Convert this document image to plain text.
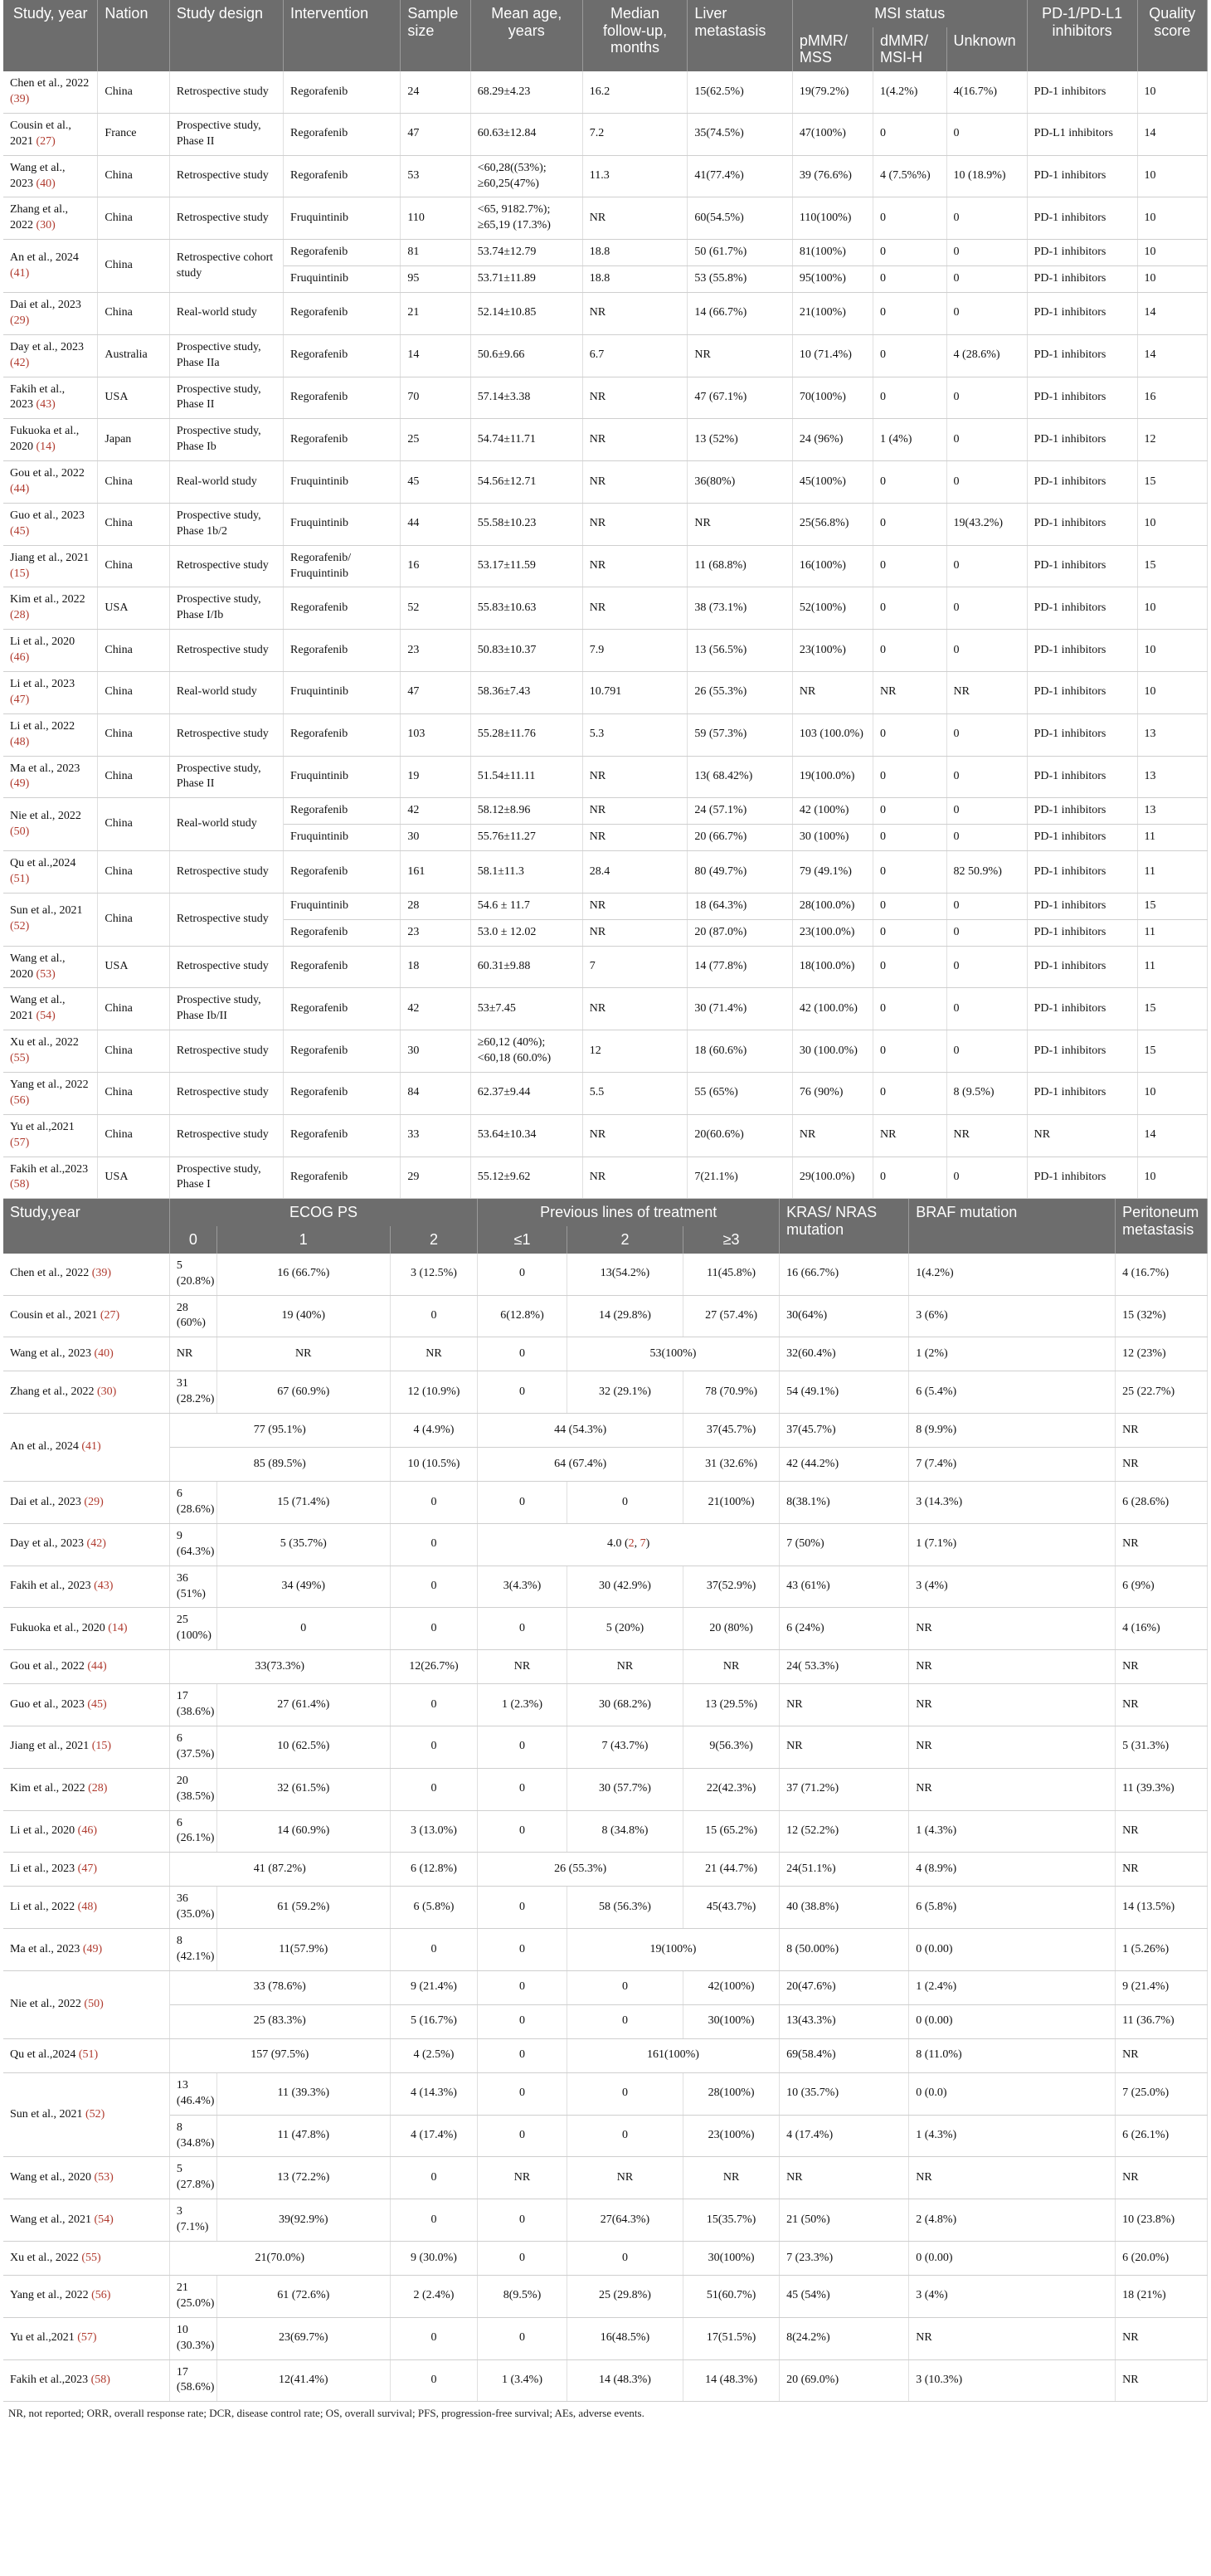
Study, year	Nation	Study design	Intervention	Sample size	Mean age, years	Median follow-up, months	Liver metastasis	MSI status			PD-1/PD-L1 inhibitors	Quality score
								pMMR/ MSS	dMMR/ MSI-H	Unknown		
Chen et al., 2022 (39)	China	Retrospective study	Regorafenib	24	68.29±4.23	16.2	15(62.5%)	19(79.2%)	1(4.2%)	4(16.7%)	PD-1 inhibitors	10
Cousin et al., 2021 (27)	France	Prospective study, Phase II	Regorafenib	47	60.63±12.84	7.2	35(74.5%)	47(100%)	0	0	PD-L1 inhibitors	14
Wang et al., 2023 (40)	China	Retrospective study	Regorafenib	53	<60,28((53%); ≥60,25(47%)	11.3	41(77.4%)	39 (76.6%)	4 (7.5%%)	10 (18.9%)	PD-1 inhibitors	10
Zhang et al., 2022 (30)	China	Retrospective study	Fruquintinib	110	<65, 9182.7%); ≥65,19 (17.3%)	NR	60(54.5%)	110(100%)	0	0	PD-1 inhibitors	10
An et al., 2024 (41)	China	Retrospective cohort study	Regorafenib	81	53.74±12.79	18.8	50 (61.7%)	81(100%)	0	0	PD-1 inhibitors	10
			Fruquintinib	95	53.71±11.89	18.8	53 (55.8%)	95(100%)	0	0	PD-1 inhibitors	10
Dai et al., 2023 (29)	China	Real-world study	Regorafenib	21	52.14±10.85	NR	14 (66.7%)	21(100%)	0	0	PD-1 inhibitors	14
Day et al., 2023 (42)	Australia	Prospective study, Phase IIa	Regorafenib	14	50.6±9.66	6.7	NR	10 (71.4%)	0	4 (28.6%)	PD-1 inhibitors	14
Fakih et al., 2023 (43)	USA	Prospective study, Phase II	Regorafenib	70	57.14±3.38	NR	47 (67.1%)	70(100%)	0	0	PD-1 inhibitors	16
Fukuoka et al., 2020 (14)	Japan	Prospective study, Phase Ib	Regorafenib	25	54.74±11.71	NR	13 (52%)	24 (96%)	1 (4%)	0	PD-1 inhibitors	12
Gou et al., 2022 (44)	China	Real-world study	Fruquintinib	45	54.56±12.71	NR	36(80%)	45(100%)	0	0	PD-1 inhibitors	15
Guo et al., 2023 (45)	China	Prospective study, Phase 1b/2	Fruquintinib	44	55.58±10.23	NR	NR	25(56.8%)	0	19(43.2%)	PD-1 inhibitors	10
Jiang et al., 2021 (15)	China	Retrospective study	Regorafenib/ Fruquintinib	16	53.17±11.59	NR	11 (68.8%)	16(100%)	0	0	PD-1 inhibitors	15
Kim et al., 2022 (28)	USA	Prospective study, Phase I/Ib	Regorafenib	52	55.83±10.63	NR	38 (73.1%)	52(100%)	0	0	PD-1 inhibitors	10
Li et al., 2020 (46)	China	Retrospective study	Regorafenib	23	50.83±10.37	7.9	13 (56.5%)	23(100%)	0	0	PD-1 inhibitors	10
Li et al., 2023 (47)	China	Real-world study	Fruquintinib	47	58.36±7.43	10.791	26 (55.3%)	NR	NR	NR	PD-1 inhibitors	10
Li et al., 2022 (48)	China	Retrospective study	Regorafenib	103	55.28±11.76	5.3	59 (57.3%)	103 (100.0%)	0	0	PD-1 inhibitors	13
Ma et al., 2023 (49)	China	Prospective study, Phase II	Fruquintinib	19	51.54±11.11	NR	13( 68.42%)	19(100.0%)	0	0	PD-1 inhibitors	13
Nie et al., 2022 (50)	China	Real-world study	Regorafenib	42	58.12±8.96	NR	24 (57.1%)	42 (100%)	0	0	PD-1 inhibitors	13
			Fruquintinib	30	55.76±11.27	NR	20 (66.7%)	30 (100%)	0	0	PD-1 inhibitors	11
Qu et al.,2024 (51)	China	Retrospective study	Regorafenib	161	58.1±11.3	28.4	80 (49.7%)	79 (49.1%)	0	82 50.9%)	PD-1 inhibitors	11
Sun et al., 2021 (52)	China	Retrospective study	Fruquintinib	28	54.6 ± 11.7	NR	18 (64.3%)	28(100.0%)	0	0	PD-1 inhibitors	15
			Regorafenib	23	53.0 ± 12.02	NR	20 (87.0%)	23(100.0%)	0	0	PD-1 inhibitors	11
Wang et al., 2020 (53)	USA	Retrospective study	Regorafenib	18	60.31±9.88	7	14 (77.8%)	18(100.0%)	0	0	PD-1 inhibitors	11
Wang et al., 2021 (54)	China	Prospective study, Phase Ib/II	Regorafenib	42	53±7.45	NR	30 (71.4%)	42 (100.0%)	0	0	PD-1 inhibitors	15
Xu et al., 2022 (55)	China	Retrospective study	Regorafenib	30	≥60,12 (40%); <60,18 (60.0%)	12	18 (60.6%)	30 (100.0%)	0	0	PD-1 inhibitors	15
Yang et al., 2022 (56)	China	Retrospective study	Regorafenib	84	62.37±9.44	5.5	55 (65%)	76 (90%)	0	8 (9.5%)	PD-1 inhibitors	10
Yu et al.,2021 (57)	China	Retrospective study	Regorafenib	33	53.64±10.34	NR	20(60.6%)	NR	NR	NR	NR	14
Fakih et al.,2023 (58)	USA	Prospective study, Phase I	Regorafenib	29	55.12±9.62	NR	7(21.1%)	29(100.0%)	0	0	PD-1 inhibitors	10
Study,year	ECOG PS			Previous lines of treatment			KRAS/ NRAS mutation	BRAF mutation	Peritoneum metastasis
	0	1	2	≤1	2	≥3			
Chen et al., 2022 (39)	5 (20.8%)	16 (66.7%)	3 (12.5%)	0	13(54.2%)	11(45.8%)	16 (66.7%)	1(4.2%)	4 (16.7%)
Cousin et al., 2021 (27)	28 (60%)	19 (40%)	0	6(12.8%)	14 (29.8%)	27 (57.4%)	30(64%)	3 (6%)	15 (32%)
Wang et al., 2023 (40)	NR	NR	NR	0	53(100%)		32(60.4%)	1 (2%)	12 (23%)
Zhang et al., 2022 (30)	31 (28.2%)	67 (60.9%)	12 (10.9%)	0	32 (29.1%)	78 (70.9%)	54 (49.1%)	6 (5.4%)	25 (22.7%)
An et al., 2024 (41)	77 (95.1%)		4 (4.9%)	44 (54.3%)		37(45.7%)	37(45.7%)	8 (9.9%)	NR
	85 (89.5%)		10 (10.5%)	64 (67.4%)		31 (32.6%)	42 (44.2%)	7 (7.4%)	NR
Dai et al., 2023 (29)	6 (28.6%)	15 (71.4%)	0	0	0	21(100%)	8(38.1%)	3 (14.3%)	6 (28.6%)
Day et al., 2023 (42)	9 (64.3%)	5 (35.7%)	0	4.0 (2, 7)			7 (50%)	1 (7.1%)	NR
Fakih et al., 2023 (43)	36 (51%)	34 (49%)	0	3(4.3%)	30 (42.9%)	37(52.9%)	43 (61%)	3 (4%)	6 (9%)
Fukuoka et al., 2020 (14)	25 (100%)	0	0	0	5 (20%)	20 (80%)	6 (24%)	NR	4 (16%)
Gou et al., 2022 (44)	33(73.3%)		12(26.7%)	NR	NR	NR	24( 53.3%)	NR	NR
Guo et al., 2023 (45)	17 (38.6%)	27 (61.4%)	0	1 (2.3%)	30 (68.2%)	13 (29.5%)	NR	NR	NR
Jiang et al., 2021 (15)	6 (37.5%)	10 (62.5%)	0	0	7 (43.7%)	9(56.3%)	NR	NR	5 (31.3%)
Kim et al., 2022 (28)	20 (38.5%)	32 (61.5%)	0	0	30 (57.7%)	22(42.3%)	37 (71.2%)	NR	11 (39.3%)
Li et al., 2020 (46)	6 (26.1%)	14 (60.9%)	3 (13.0%)	0	8 (34.8%)	15 (65.2%)	12 (52.2%)	1 (4.3%)	NR
Li et al., 2023 (47)	41 (87.2%)		6 (12.8%)	26 (55.3%)		21 (44.7%)	24(51.1%)	4 (8.9%)	NR
Li et al., 2022 (48)	36 (35.0%)	61 (59.2%)	6 (5.8%)	0	58 (56.3%)	45(43.7%)	40 (38.8%)	6 (5.8%)	14 (13.5%)
Ma et al., 2023 (49)	8 (42.1%)	11(57.9%)	0	0	19(100%)		8 (50.00%)	0 (0.00)	1 (5.26%)
Nie et al., 2022 (50)	33 (78.6%)		9 (21.4%)	0	0	42(100%)	20(47.6%)	1 (2.4%)	9 (21.4%)
	25 (83.3%)		5 (16.7%)	0	0	30(100%)	13(43.3%)	0 (0.00)	11 (36.7%)
Qu et al.,2024 (51)	157 (97.5%)		4 (2.5%)	0	161(100%)		69(58.4%)	8 (11.0%)	NR
Sun et al., 2021 (52)	13 (46.4%)	11 (39.3%)	4 (14.3%)	0	0	28(100%)	10 (35.7%)	0 (0.0)	7 (25.0%)
	8 (34.8%)	11 (47.8%)	4 (17.4%)	0	0	23(100%)	4 (17.4%)	1 (4.3%)	6 (26.1%)
Wang et al., 2020 (53)	5 (27.8%)	13 (72.2%)	0	NR	NR	NR	NR	NR	NR
Wang et al., 2021 (54)	3 (7.1%)	39(92.9%)	0	0	27(64.3%)	15(35.7%)	21 (50%)	2 (4.8%)	10 (23.8%)
Xu et al., 2022 (55)	21(70.0%)		9 (30.0%)	0	0	30(100%)	7 (23.3%)	0 (0.00)	6 (20.0%)
Yang et al., 2022 (56)	21 (25.0%)	61 (72.6%)	2 (2.4%)	8(9.5%)	25 (29.8%)	51(60.7%)	45 (54%)	3 (4%)	18 (21%)
Yu et al.,2021 (57)	10 (30.3%)	23(69.7%)	0	0	16(48.5%)	17(51.5%)	8(24.2%)	NR	NR
Fakih et al.,2023 (58)	17 (58.6%)	12(41.4%)	0	1 (3.4%)	14 (48.3%)	14 (48.3%)	20 (69.0%)	3 (10.3%)	NR
NR, not reported; ORR, overall response rate; DCR, disease control rate; OS, overall survival; PFS, progression-free survival; AEs, adverse events.
